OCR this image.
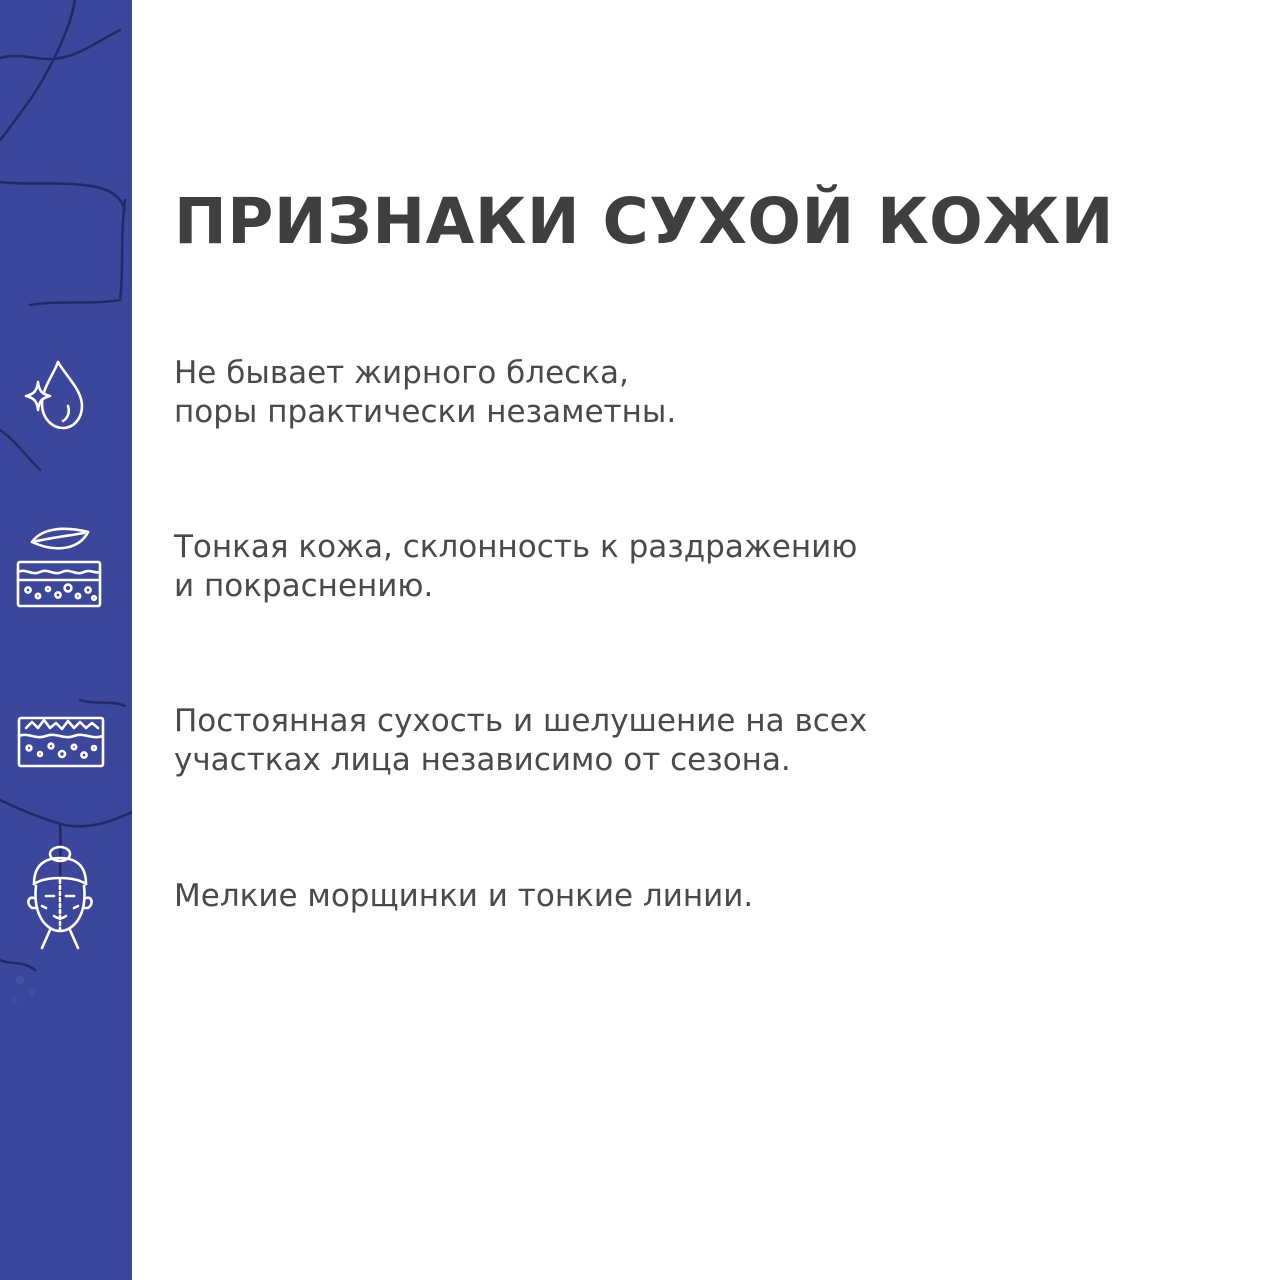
ПРИЗНАКИ СУХОЙ КОЖИ

Не бывает жирного блеска,
поры практически незаметны.

Тонкая кожа, склонность к раздражению
и покраснению.

Постоянная сухость и шелушение на всех
участках лица независимо от сезона.

Мелкие морщинки и тонкие линии.
